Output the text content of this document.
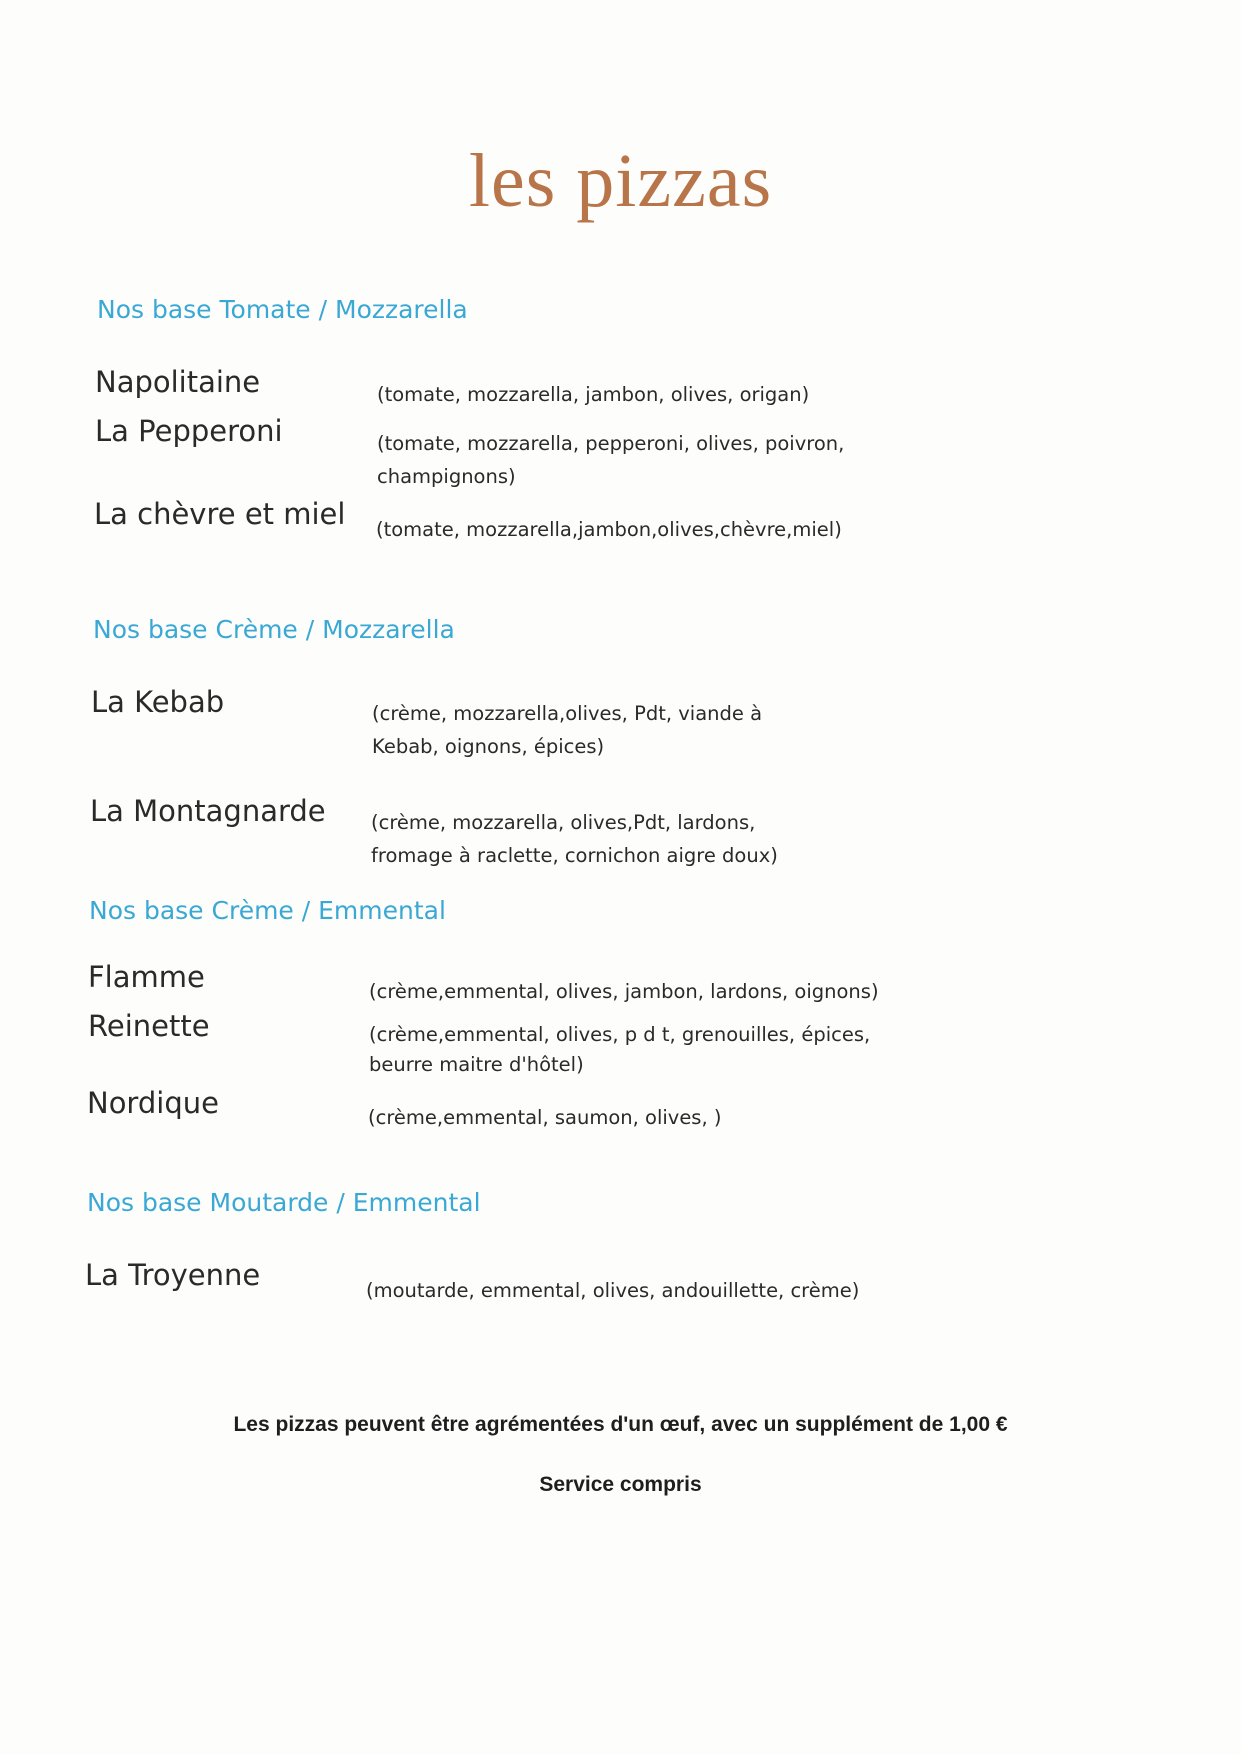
les pizzas
Nos base Tomate / Mozzarella
Napolitaine	(tomate, mozzarella, jambon, olives, origan)
La Pepperoni	(tomate, mozzarella, pepperoni, olives, poivron, champignons)
La chèvre et miel (tomate, mozzarella,jambon,olives,chèvre,miel)
Nos base Crème / Mozzarella
La Kebab	(crème, mozzarella,olives, Pdt, viande à Kebab, oignons, épices)
La Montagnarde (crème, mozzarella, olives,Pdt, lardons, fromage à raclette, cornichon aigre doux)
Nos base Crème / Emmental
Flamme	(crème,emmental, olives, jambon, lardons, oignons)
Reinette	(crème,emmental, olives, p d t, grenouilles, épices, beurre maitre d'hôtel)
Nordique	(crème,emmental, saumon, olives, )
Nos base Moutarde / Emmental
La Troyenne	(moutarde, emmental, olives, andouillette, crème)
Les pizzas peuvent être agrémentées d'un œuf, avec un supplément de 1,00 €
Service compris
